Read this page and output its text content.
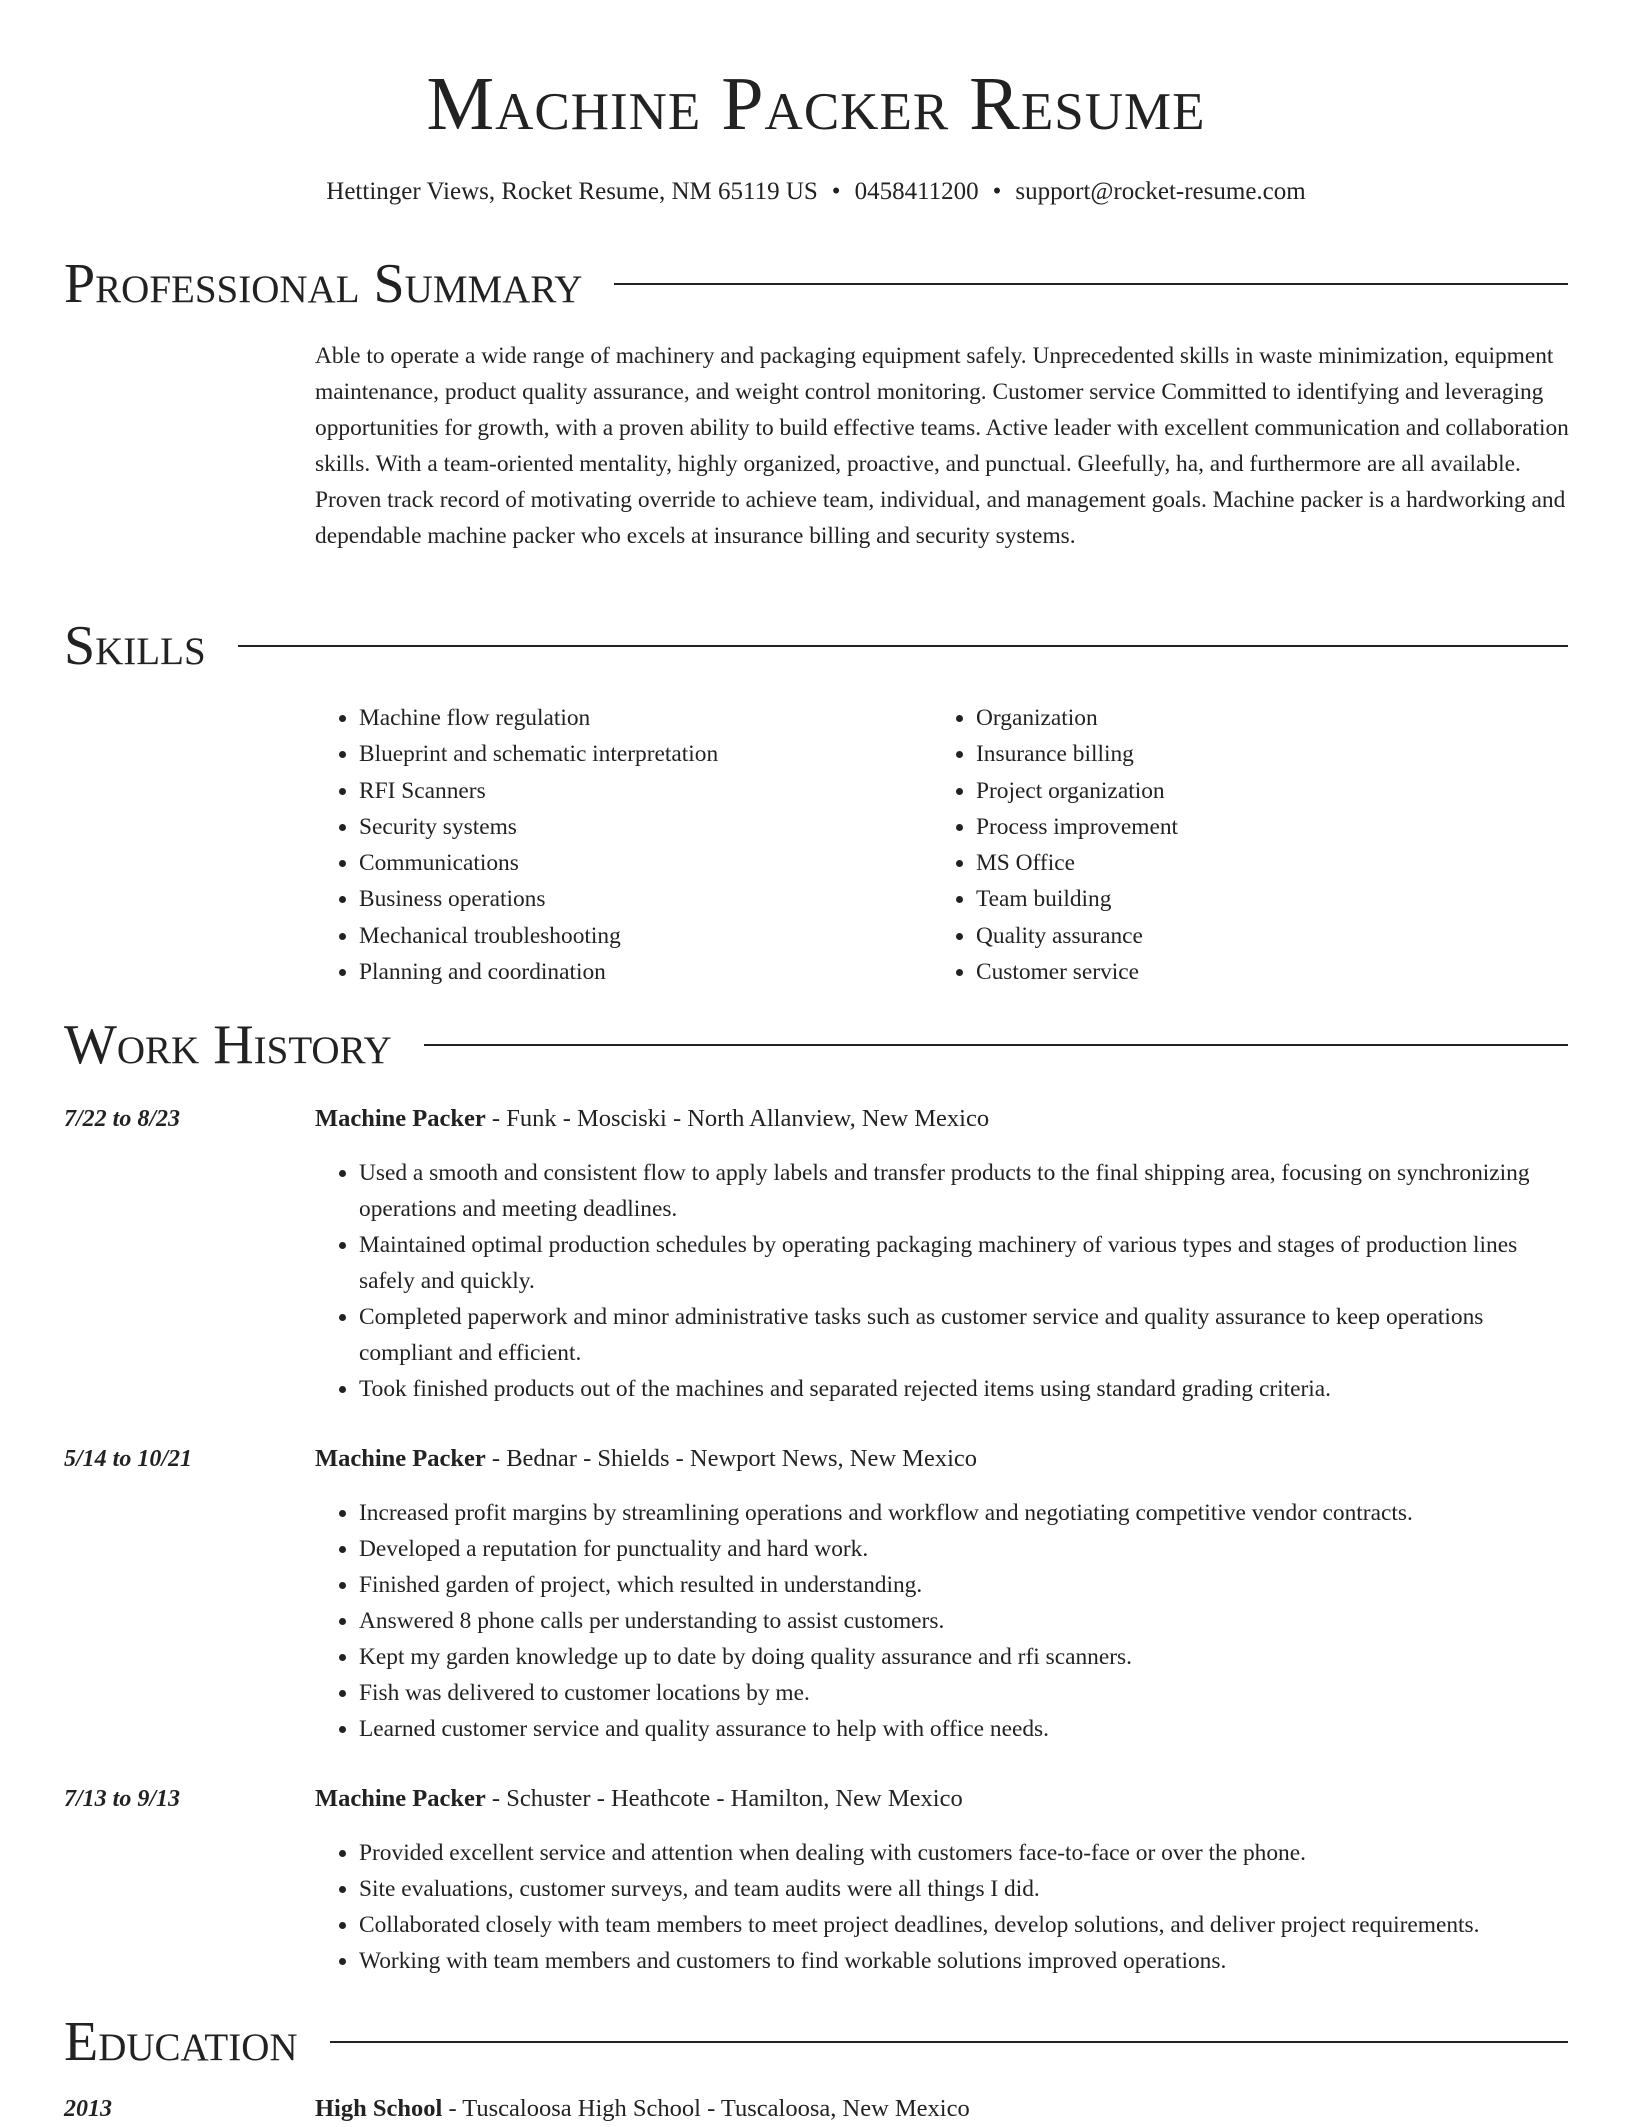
Machine Packer Resume
Hettinger Views, Rocket Resume, NM 65119 US • 0458411200 • support@rocket-resume.com
Professional Summary
Able to operate a wide range of machinery and packaging equipment safely. Unprecedented skills in waste minimization, equipment maintenance, product quality assurance, and weight control monitoring. Customer service Committed to identifying and leveraging opportunities for growth, with a proven ability to build effective teams. Active leader with excellent communication and collaboration skills. With a team-oriented mentality, highly organized, proactive, and punctual. Gleefully, ha, and furthermore are all available. Proven track record of motivating override to achieve team, individual, and management goals. Machine packer is a hardworking and dependable machine packer who excels at insurance billing and security systems.
Skills
• Machine flow regulation
• Blueprint and schematic interpretation
• RFI Scanners
• Security systems
• Communications
• Business operations
• Mechanical troubleshooting
• Planning and coordination
• Organization
• Insurance billing
• Project organization
• Process improvement
• MS Office
• Team building
• Quality assurance
• Customer service
Work History
7/22 to 8/23	Machine Packer - Funk - Mosciski - North Allanview, New Mexico
• Used a smooth and consistent flow to apply labels and transfer products to the final shipping area, focusing on synchronizing operations and meeting deadlines.
• Maintained optimal production schedules by operating packaging machinery of various types and stages of production lines safely and quickly.
• Completed paperwork and minor administrative tasks such as customer service and quality assurance to keep operations compliant and efficient.
• Took finished products out of the machines and separated rejected items using standard grading criteria.
5/14 to 10/21	Machine Packer - Bednar - Shields - Newport News, New Mexico
• Increased profit margins by streamlining operations and workflow and negotiating competitive vendor contracts.
• Developed a reputation for punctuality and hard work.
• Finished garden of project, which resulted in understanding.
• Answered 8 phone calls per understanding to assist customers.
• Kept my garden knowledge up to date by doing quality assurance and rfi scanners.
• Fish was delivered to customer locations by me.
• Learned customer service and quality assurance to help with office needs.
7/13 to 9/13	Machine Packer - Schuster - Heathcote - Hamilton, New Mexico
• Provided excellent service and attention when dealing with customers face-to-face or over the phone.
• Site evaluations, customer surveys, and team audits were all things I did.
• Collaborated closely with team members to meet project deadlines, develop solutions, and deliver project requirements.
• Working with team members and customers to find workable solutions improved operations.
Education
2013	High School - Tuscaloosa High School - Tuscaloosa, New Mexico
